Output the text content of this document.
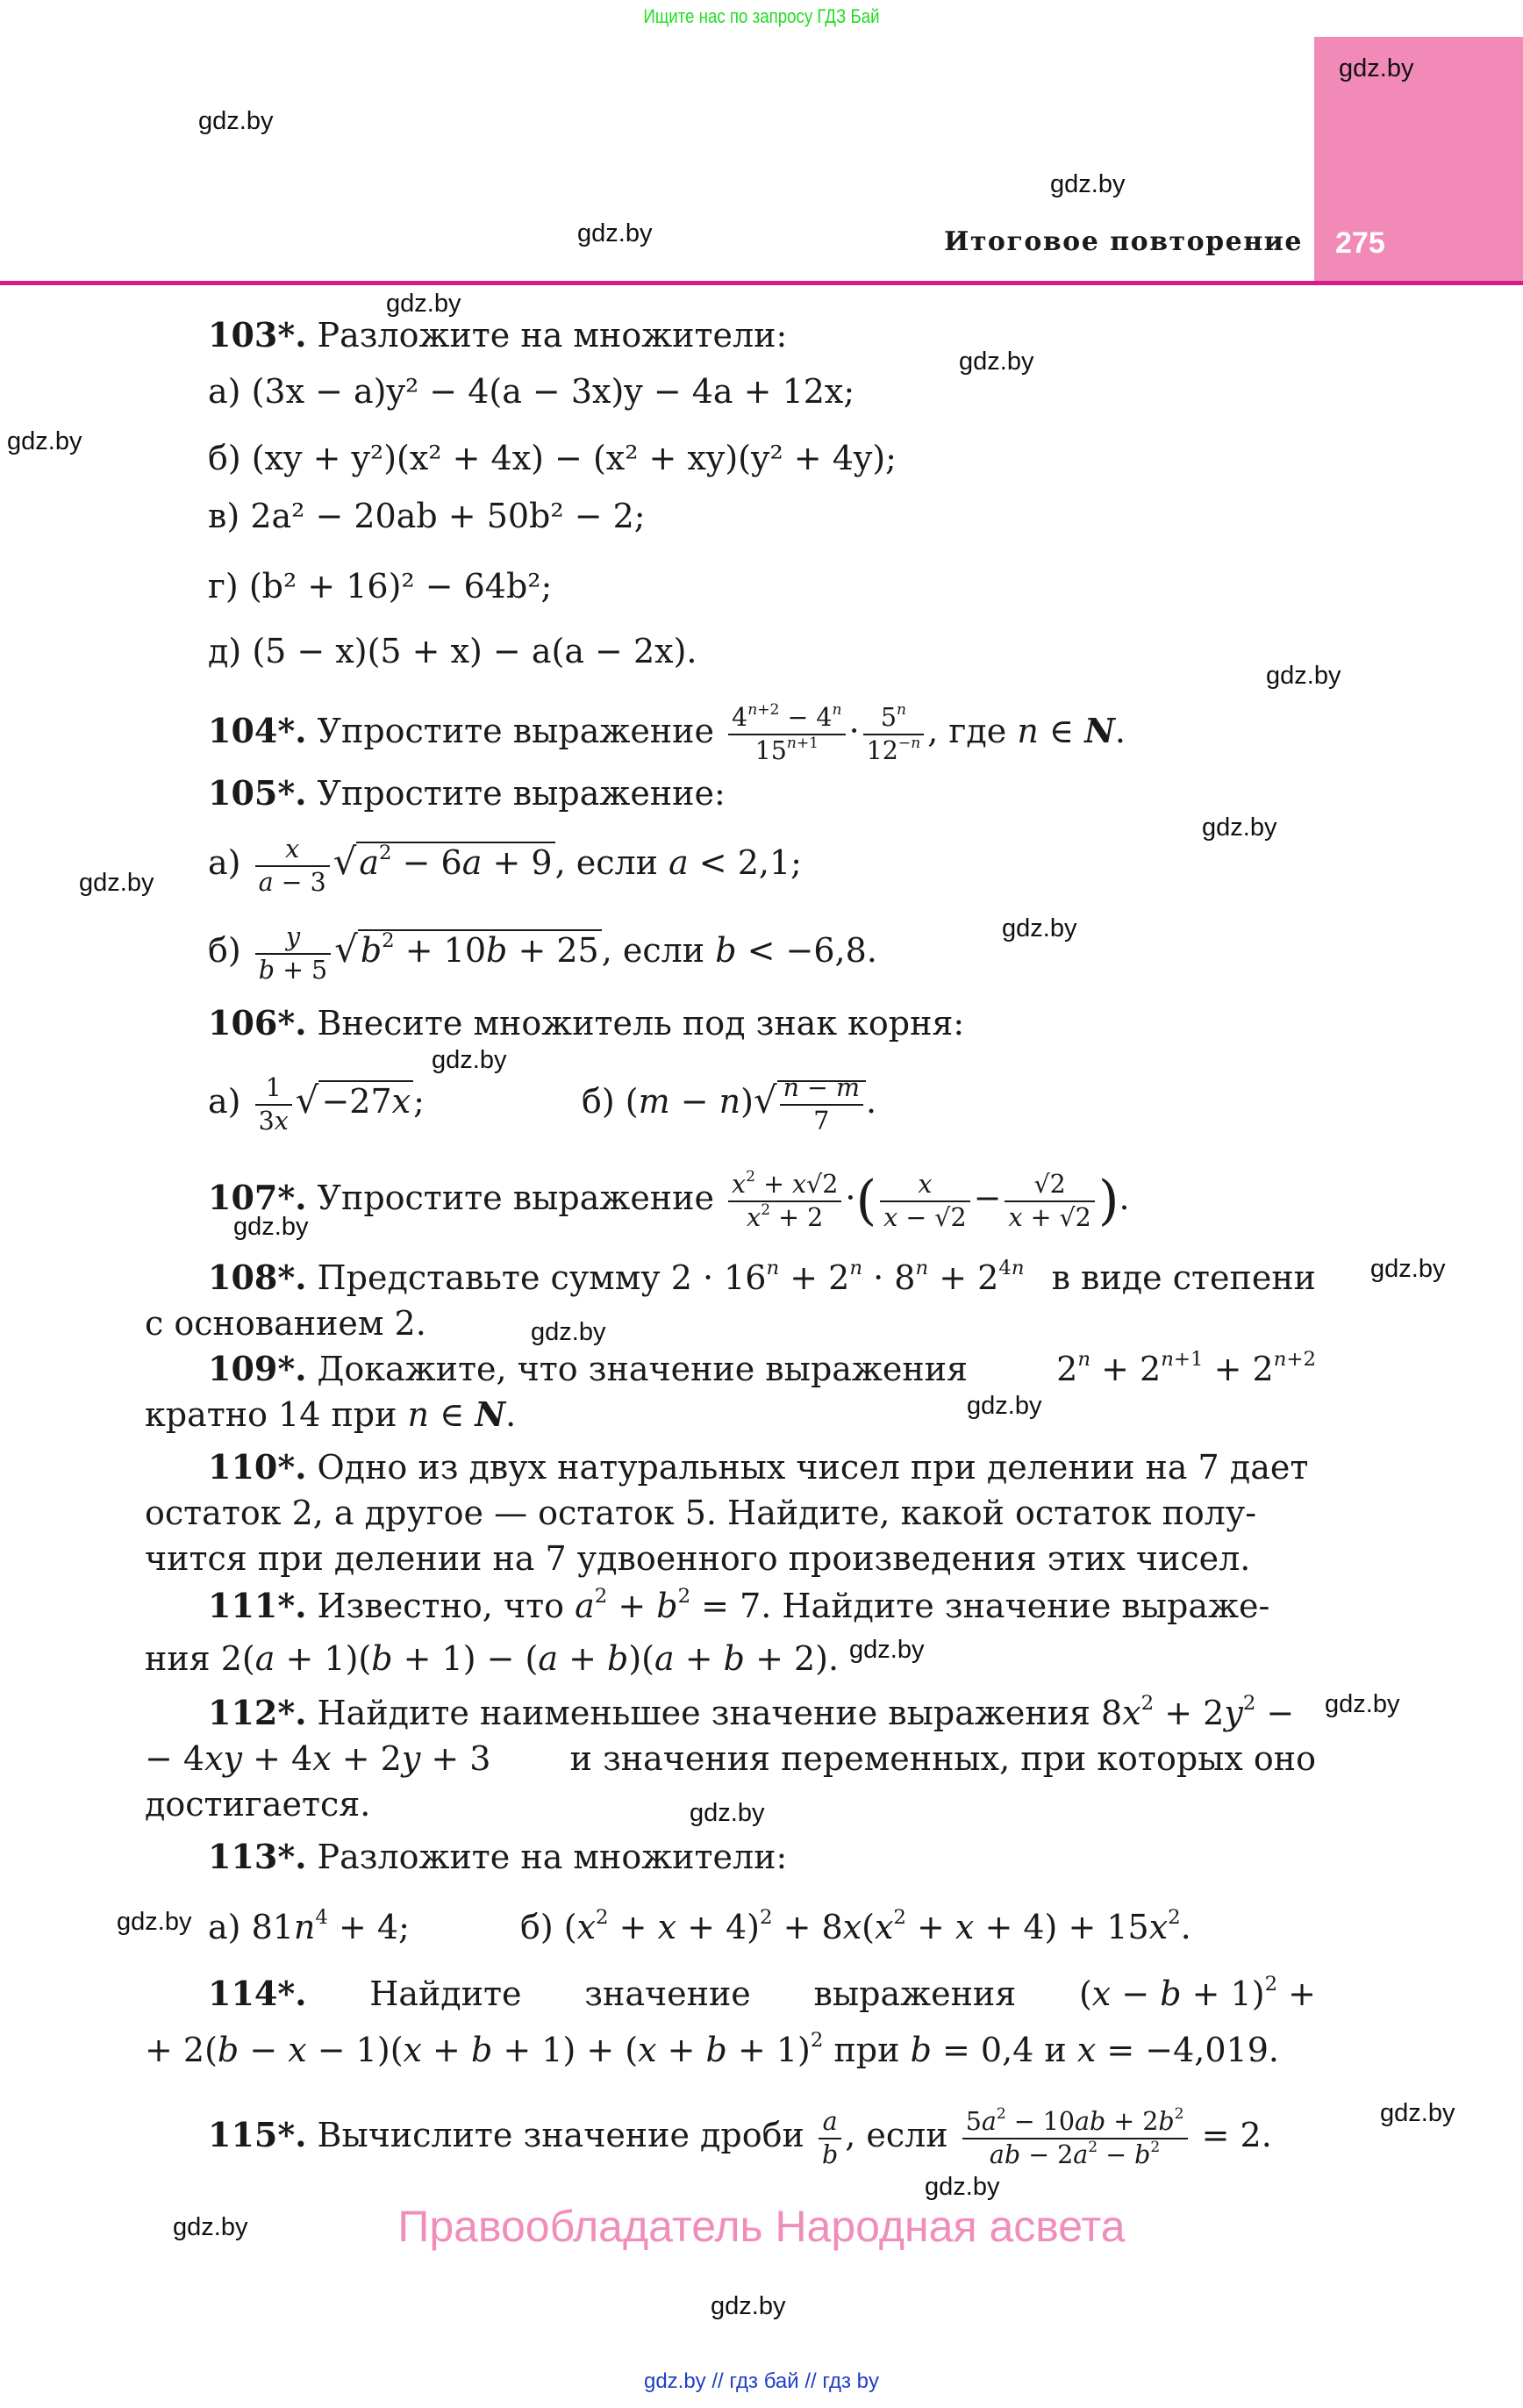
Ищите нас по запросу ГДЗ Бай
Итоговое повторение 275
gdz.by
gdz.by
gdz.by
gdz.by
gdz.by
gdz.by
gdz.by
gdz.by
gdz.by
gdz.by
gdz.by
gdz.by
gdz.by
gdz.by
gdz.by
gdz.by
gdz.by
gdz.by
gdz.by
gdz.by
gdz.by
gdz.by
gdz.by
gdz.by
103*. Разложите на множители:
а) (3x − a)y² − 4(a − 3x)y − 4a + 12x;
б) (xy + y²)(x² + 4x) − (x² + xy)(y² + 4y);
в) 2a² − 20ab + 50b² − 2;
г) (b² + 16)² − 64b²;
д) (5 − x)(5 + x) − a(a − 2x).
104*. Упростите выражение $\frac{4^{n+2} - 4^n}{15^{n+1}} \cdot \frac{5^n}{12^{-n}}$ , где n ∈ N.
105*. Упростите выражение:
$а) \frac{x}{a - 3} √a^2 - 6a + 9$, если a < 2,1;
$б) \frac{y}{b + 5} √b^2 + 10b + 25$, если b < −6,8.
106*. Внесите множитель под знак корня:
$а) \frac{1}{3x} √-27x$;	б) $(m - n)√ \frac{n - m}{7}$ .
107*. Упростите выражение $\frac{x^2 + x√2}{x^2 + 2}$ ·( $\frac{x}{x - √2} - \frac{√2}{x + √2}$ ).
108*. Представьте сумму $2 \cdot 16^n + 2^n \cdot 8^n + 2^{4n}$ в виде степени
с основанием 2.
109*. Докажите, что значение выражения	$2^n + 2^{n+1} + 2^{n+2}$
кратно 14 при n ∈ N.
110*. Одно из двух натуральных чисел при делении на 7 дает
остаток 2, а другое — остаток 5. Найдите, какой остаток полу-
чится при делении на 7 удвоенного произведения этих чисел.
111*. Известно, что $a^2 + b^2 = 7$. Найдите значение выраже-
ния 2(a + 1)(b + 1) − (a + b)(a + b + 2).
112*. Найдите наименьшее значение выражения $8x^2 + 2y^2$ −
− 4xy + 4x + 2y + 3 и значения переменных, при которых оно
достигается.
113*. Разложите на множители:
а) $81n^4 + 4$;	б) $(x^2 + x + 4)^2 + 8x(x^2 + x + 4) + 15x^2$.
114*. Найдите значение выражения $(x - b + 1)^2$ +
+ $2(b - x - 1)(x + b + 1) + (x + b + 1)^2$ при b = 0,4 и x = −4,019.
115*. Вычислите значение дроби $\frac{a}{b}$ , если $\frac{5a^2 - 10ab + 2b^2}{ab - 2a^2 - b^2} = 2$.
Правообладатель Народная асвета
gdz.by // гдз бай // гдз by
